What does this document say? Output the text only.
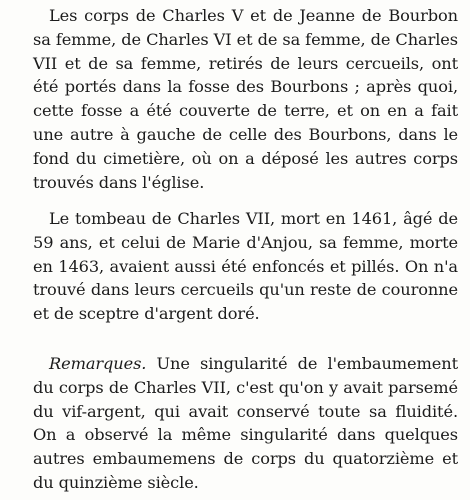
Les corps de Charles V et de Jeanne de Bourbon sa femme, de Charles VI et de sa femme, de Charles VII et de sa femme, retirés de leurs cercueils, ont été portés dans la fosse des Bourbons ; après quoi, cette fosse a été couverte de terre, et on en a fait une autre à gauche de celle des Bourbons, dans le fond du cimetière, où on a déposé les autres corps trouvés dans l'église.

Le tombeau de Charles VII, mort en 1461, âgé de 59 ans, et celui de Marie d'Anjou, sa femme, morte en 1463, avaient aussi été enfoncés et pillés. On n'a trouvé dans leurs cercueils qu'un reste de couronne et de sceptre d'argent doré.

Remarques. Une singularité de l'embaumement du corps de Charles VII, c'est qu'on y avait parsemé du vif-argent, qui avait conservé toute sa fluidité. On a observé la même singularité dans quelques autres embaumemens de corps du quatorzième et du quinzième siècle.
